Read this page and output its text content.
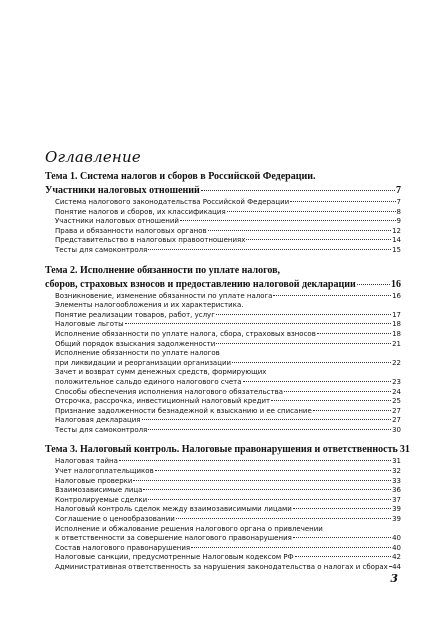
Оглавление
Тема 1. Система налогов и сборов в Российской Федерации.
Участники налоговых отношений	7
Система налогового законодательства Российской Федерации	7
Понятие налогов и сборов, их классификация	8
Участники налоговых отношений	9
Права и обязанности налоговых органов	12
Представительство в налоговых правоотношениях	14
Тесты для самоконтроля	15
Тема 2. Исполнение обязанности по уплате налогов,
сборов, страховых взносов и предоставлению налоговой декларации	16
Возникновение, изменение обязанности по уплате налога	16
Элементы налогообложения и их характеристика.
Понятие реализации товаров, работ, услуг	17
Налоговые льготы	18
Исполнение обязанности по уплате налога, сбора, страховых взносов	18
Общий порядок взыскания задолженности	21
Исполнение обязанности по уплате налогов
при ликвидации и реорганизации организации	22
Зачет и возврат сумм денежных средств, формирующих
положительное сальдо единого налогового счета	23
Способы обеспечения исполнения налогового обязательства	24
Отсрочка, рассрочка, инвестиционный налоговый кредит	25
Признание задолженности безнадежной к взысканию и ее списание	27
Налоговая декларация	27
Тесты для самоконтроля	30
Тема 3. Налоговый контроль. Налоговые правонарушения и ответственность 31
Налоговая тайна	31
Учет налогоплательщиков	32
Налоговые проверки	33
Взаимозависимые лица	36
Контролируемые сделки	37
Налоговый контроль сделок между взаимозависимыми лицами	39
Соглашение о ценообразовании	39
Исполнение и обжалование решения налогового органа о привлечении
к ответственности за совершение налогового правонарушения	40
Состав налогового правонарушения	40
Налоговые санкции, предусмотренные Налоговым кодексом РФ	42
Административная ответственность за нарушения законодательства о налогах и сборах 44
3
